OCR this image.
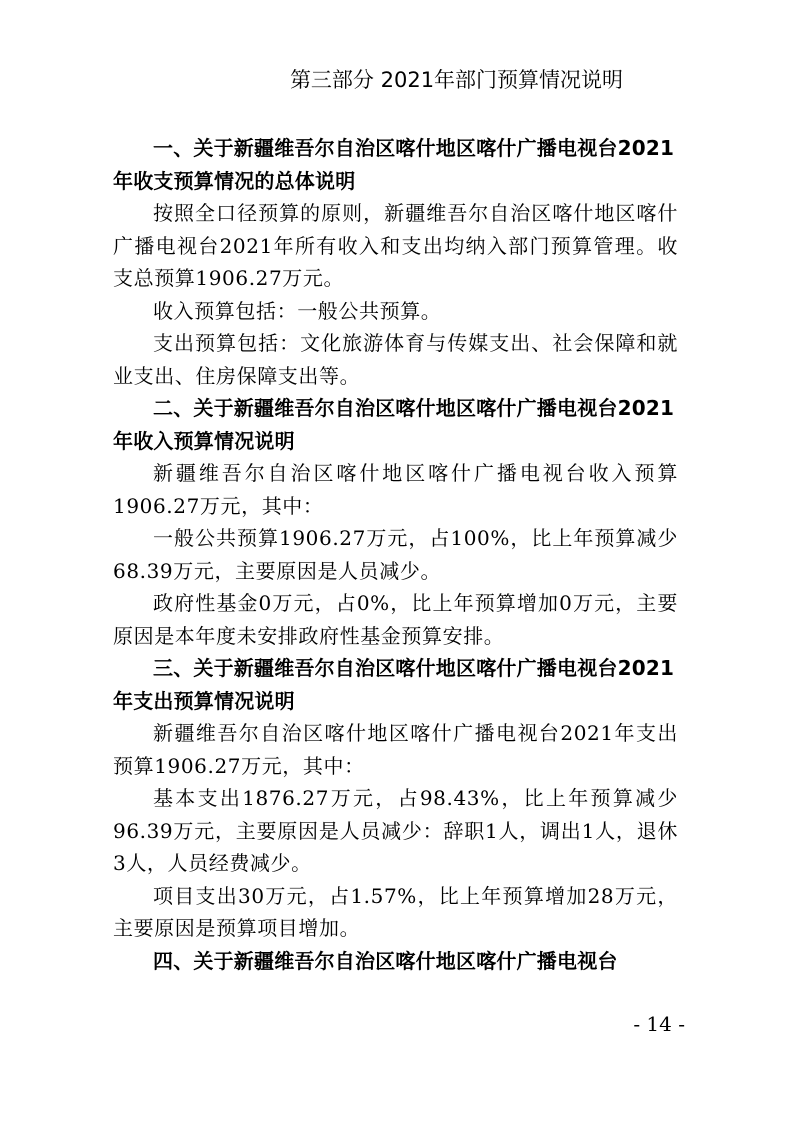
第三部分 2021年部门预算情况说明

一、关于新疆维吾尔自治区喀什地区喀什广播电视台2021年收支预算情况的总体说明

按照全口径预算的原则，新疆维吾尔自治区喀什地区喀什广播电视台2021年所有收入和支出均纳入部门预算管理。收支总预算1906.27万元。

收入预算包括：一般公共预算。

支出预算包括：文化旅游体育与传媒支出、社会保障和就业支出、住房保障支出等。

二、关于新疆维吾尔自治区喀什地区喀什广播电视台2021年收入预算情况说明

新疆维吾尔自治区喀什地区喀什广播电视台收入预算1906.27万元，其中：

一般公共预算1906.27万元，占100%，比上年预算减少68.39万元，主要原因是人员减少。

政府性基金0万元，占0%，比上年预算增加0万元，主要原因是本年度未安排政府性基金预算安排。

三、关于新疆维吾尔自治区喀什地区喀什广播电视台2021年支出预算情况说明

新疆维吾尔自治区喀什地区喀什广播电视台2021年支出预算1906.27万元，其中：

基本支出1876.27万元，占98.43%，比上年预算减少96.39万元，主要原因是人员减少：辞职1人，调出1人，退休3人，人员经费减少。

项目支出30万元，占1.57%，比上年预算增加28万元，主要原因是预算项目增加。

四、关于新疆维吾尔自治区喀什地区喀什广播电视台

- 14 -
